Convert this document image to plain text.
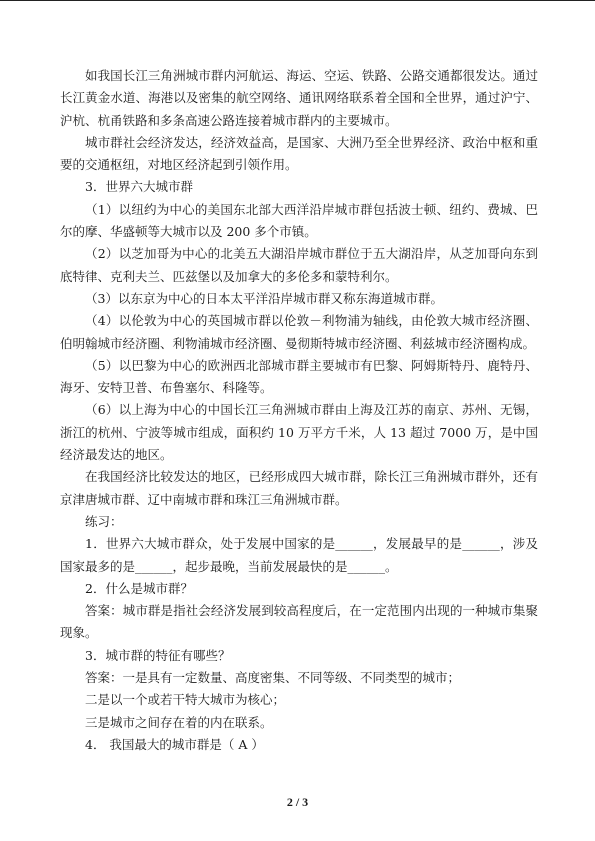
如我国长江三角洲城市群内河航运、海运、空运、铁路、公路交通都很发达。通过长江黄金水道、海港以及密集的航空网络、通讯网络联系着全国和全世界，通过沪宁、沪杭、杭甬铁路和多条高速公路连接着城市群内的主要城市。

城市群社会经济发达，经济效益高，是国家、大洲乃至全世界经济、政治中枢和重要的交通枢纽，对地区经济起到引领作用。

3．世界六大城市群

（1）以纽约为中心的美国东北部大西洋沿岸城市群包括波士顿、纽约、费城、巴尔的摩、华盛顿等大城市以及 200 多个市镇。

（2）以芝加哥为中心的北美五大湖沿岸城市群位于五大湖沿岸，从芝加哥向东到底特律、克利夫兰、匹兹堡以及加拿大的多伦多和蒙特利尔。

（3）以东京为中心的日本太平洋沿岸城市群又称东海道城市群。

（4）以伦敦为中心的英国城市群以伦敦－利物浦为轴线，由伦敦大城市经济圈、伯明翰城市经济圈、利物浦城市经济圈、曼彻斯特城市经济圈、利兹城市经济圈构成。

（5）以巴黎为中心的欧洲西北部城市群主要城市有巴黎、阿姆斯特丹、鹿特丹、海牙、安特卫普、布鲁塞尔、科隆等。

（6）以上海为中心的中国长江三角洲城市群由上海及江苏的南京、苏州、无锡，浙江的杭州、宁波等城市组成，面积约 10 万平方千米，人 13 超过 7000 万，是中国经济最发达的地区。

在我国经济比较发达的地区，已经形成四大城市群，除长江三角洲城市群外，还有京津唐城市群、辽中南城市群和珠江三角洲城市群。

练习：

1．世界六大城市群众，处于发展中国家的是______，发展最早的是______，涉及国家最多的是______，起步最晚，当前发展最快的是______。

2．什么是城市群？

答案：城市群是指社会经济发展到较高程度后，在一定范围内出现的一种城市集聚现象。

3．城市群的特征有哪些？

答案：一是具有一定数量、高度密集、不同等级、不同类型的城市；

二是以一个或若干特大城市为核心；

三是城市之间存在着的内在联系。

4． 我国最大的城市群是（ A ）

2 / 3
